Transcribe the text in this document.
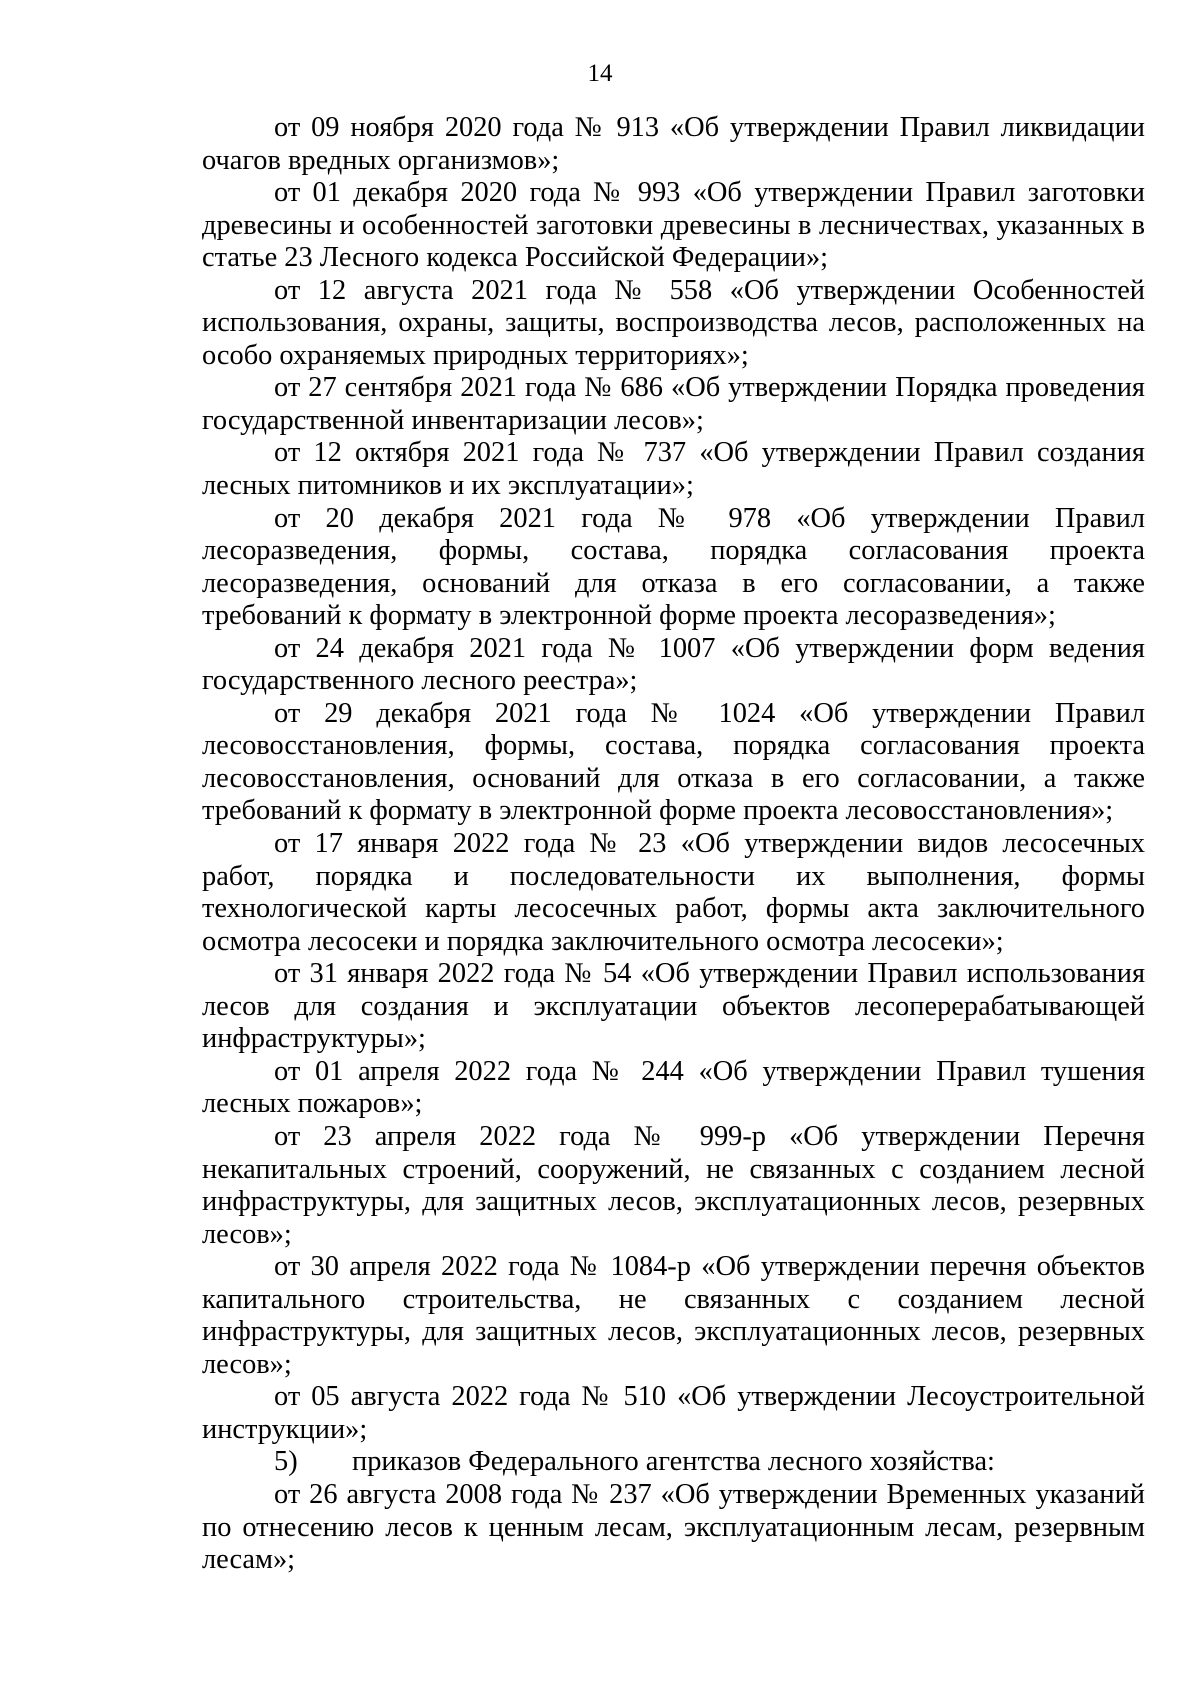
14

от 09 ноября 2020 года № 913 «Об утверждении Правил ликвидации очагов вредных организмов»;

от 01 декабря 2020 года № 993 «Об утверждении Правил заготовки древесины и особенностей заготовки древесины в лесничествах, указанных в статье 23 Лесного кодекса Российской Федерации»;

от 12 августа 2021 года № 558 «Об утверждении Особенностей использования, охраны, защиты, воспроизводства лесов, расположенных на особо охраняемых природных территориях»;

от 27 сентября 2021 года № 686 «Об утверждении Порядка проведения государственной инвентаризации лесов»;

от 12 октября 2021 года № 737 «Об утверждении Правил создания лесных питомников и их эксплуатации»;

от 20 декабря 2021 года № 978 «Об утверждении Правил лесоразведения, формы, состава, порядка согласования проекта лесоразведения, оснований для отказа в его согласовании, а также требований к формату в электронной форме проекта лесоразведения»;

от 24 декабря 2021 года № 1007 «Об утверждении форм ведения государственного лесного реестра»;

от 29 декабря 2021 года № 1024 «Об утверждении Правил лесовосстановления, формы, состава, порядка согласования проекта лесовосстановления, оснований для отказа в его согласовании, а также требований к формату в электронной форме проекта лесовосстановления»;

от 17 января 2022 года № 23 «Об утверждении видов лесосечных работ, порядка и последовательности их выполнения, формы технологической карты лесосечных работ, формы акта заключительного осмотра лесосеки и порядка заключительного осмотра лесосеки»;

от 31 января 2022 года № 54 «Об утверждении Правил использования лесов для создания и эксплуатации объектов лесоперерабатывающей инфраструктуры»;

от 01 апреля 2022 года № 244 «Об утверждении Правил тушения лесных пожаров»;

от 23 апреля 2022 года № 999-р «Об утверждении Перечня некапитальных строений, сооружений, не связанных с созданием лесной инфраструктуры, для защитных лесов, эксплуатационных лесов, резервных лесов»;

от 30 апреля 2022 года № 1084-р «Об утверждении перечня объектов капитального строительства, не связанных с созданием лесной инфраструктуры, для защитных лесов, эксплуатационных лесов, резервных лесов»;

от 05 августа 2022 года № 510 «Об утверждении Лесоустроительной инструкции»;

5) приказов Федерального агентства лесного хозяйства:

от 26 августа 2008 года № 237 «Об утверждении Временных указаний по отнесению лесов к ценным лесам, эксплуатационным лесам, резервным лесам»;
